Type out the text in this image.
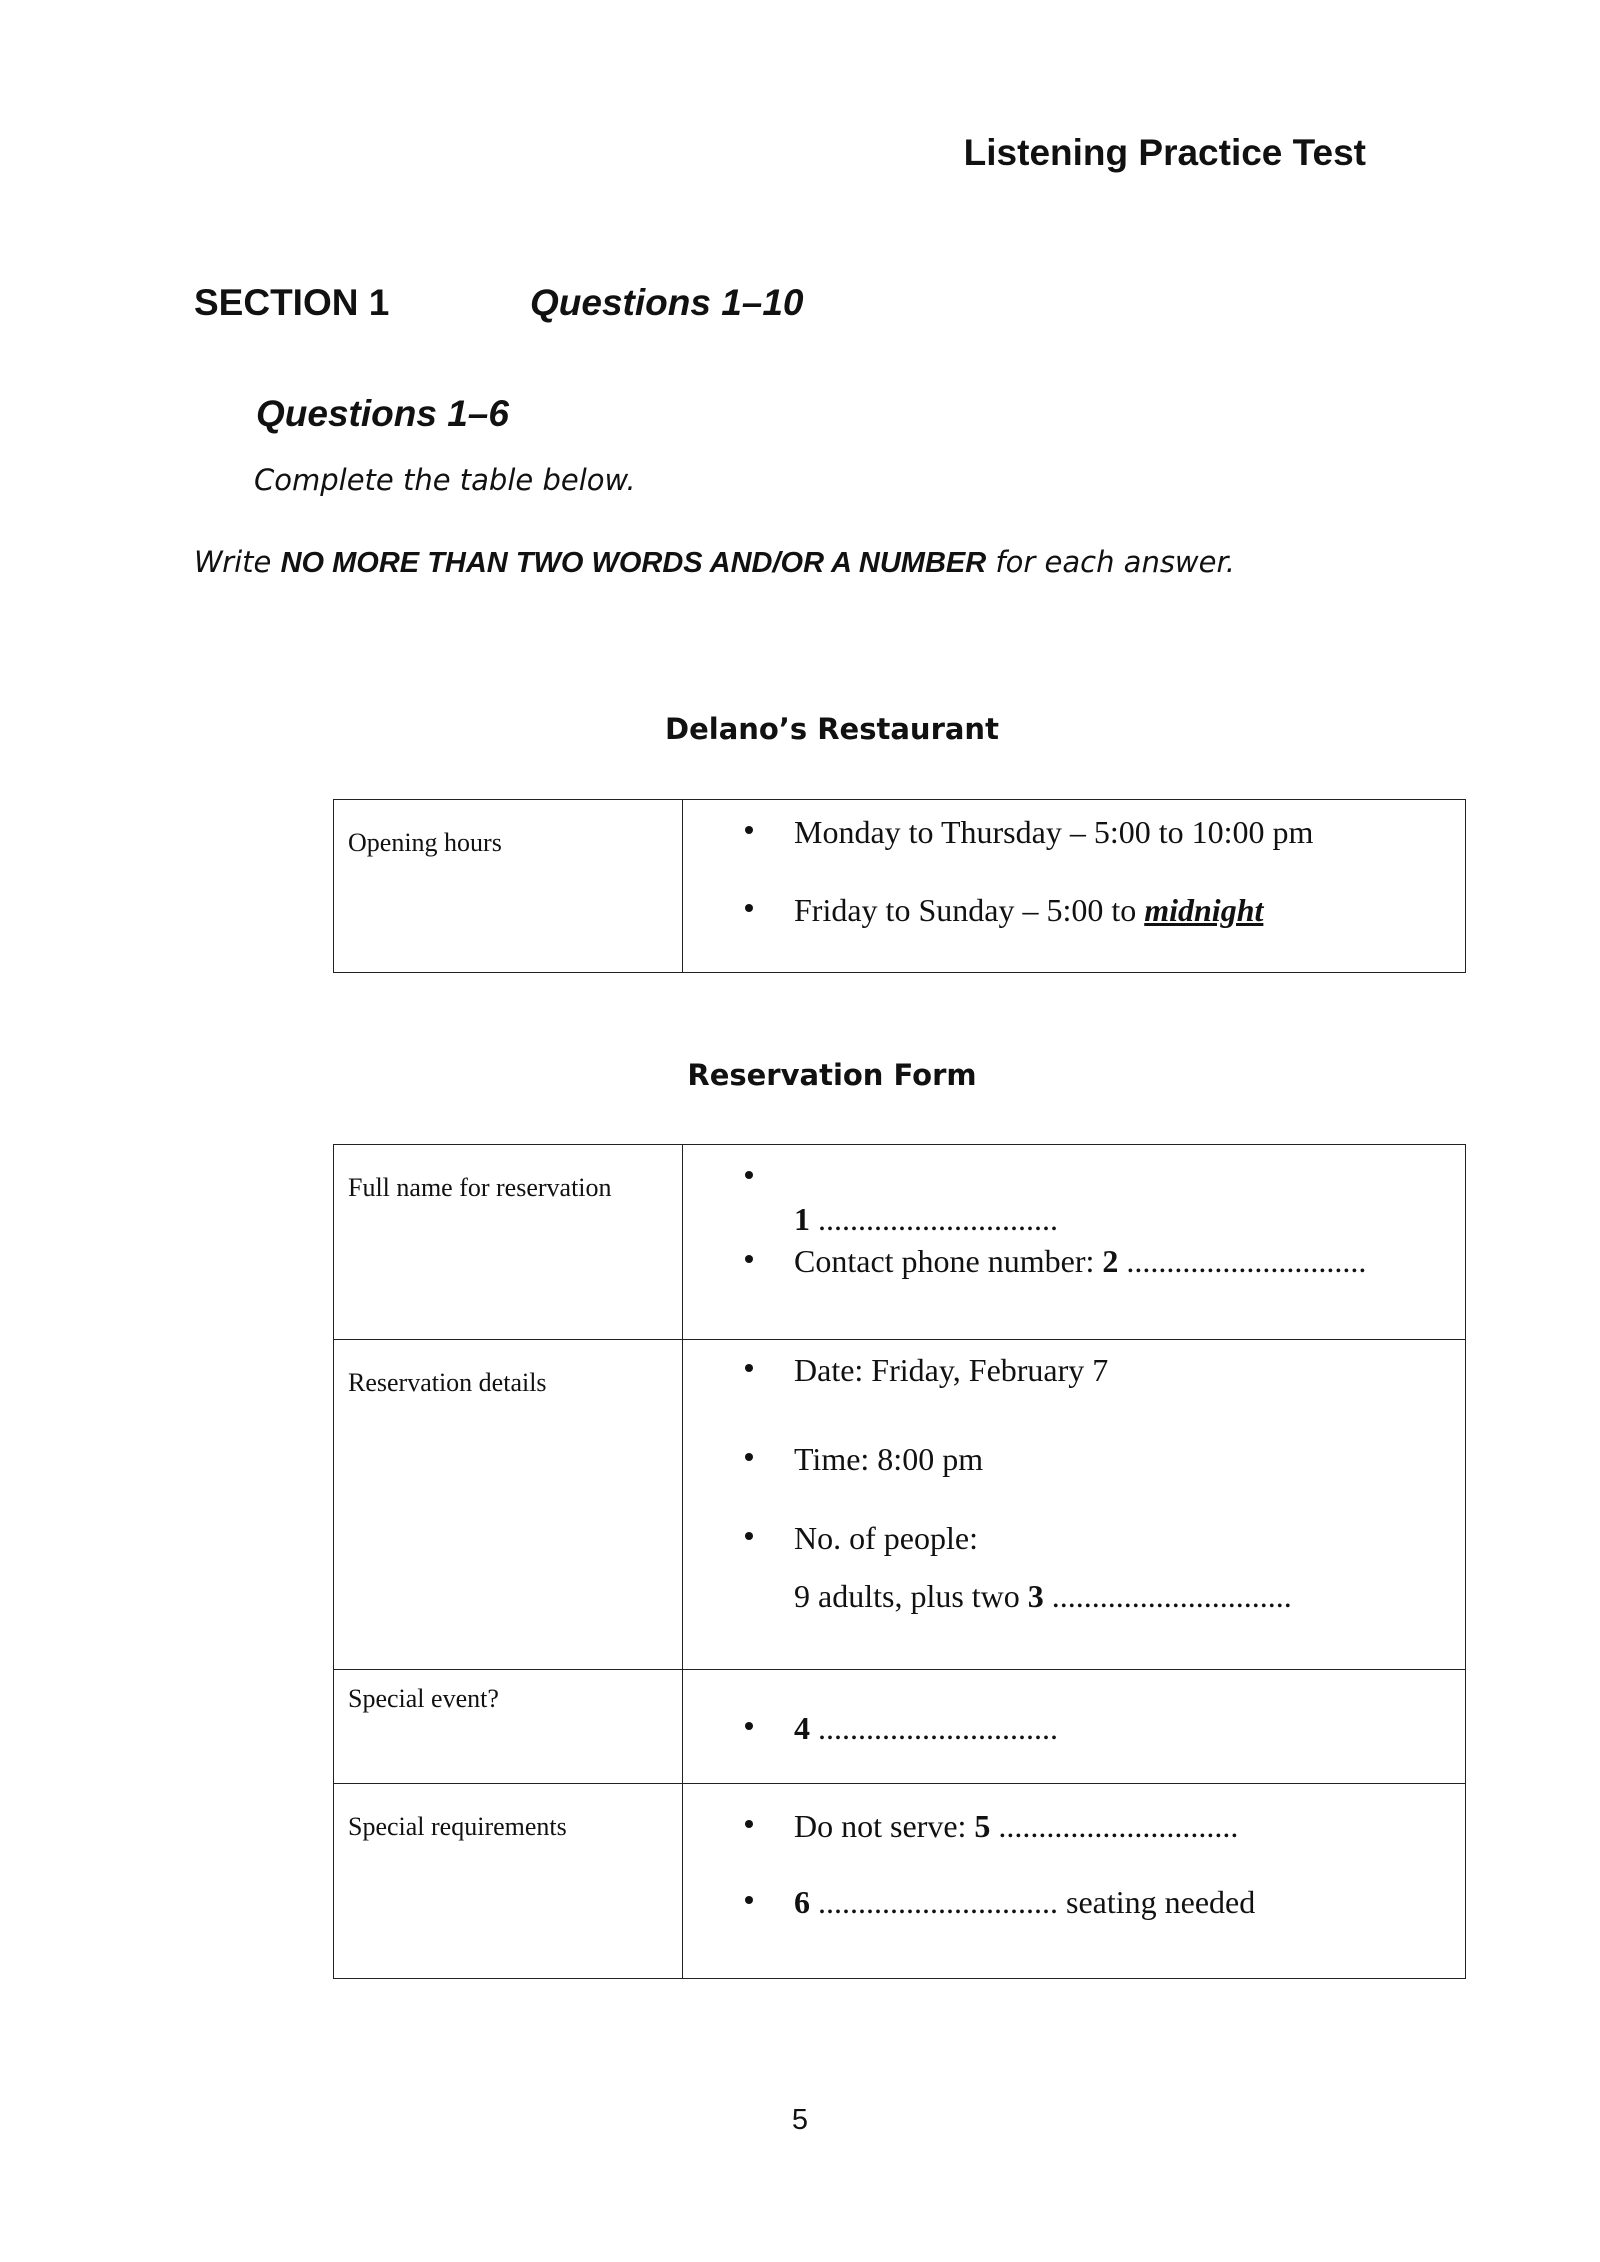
Listening Practice Test
SECTION 1	Questions 1–10
Questions 1–6
Complete the table below.
Write NO MORE THAN TWO WORDS AND/OR A NUMBER for each answer.
Delano’s Restaurant
Opening hours	Monday to Thursday – 5:00 to 10:00 pm
Friday to Sunday – 5:00 to midnight
Reservation Form
Full name for reservation	1 ..............................
Contact phone number: 2 ..............................

Reservation details	Date: Friday, February 7
Time: 8:00 pm
No. of people:
9 adults, plus two 3 ..............................

Special event?	4 ..............................

Special requirements	Do not serve: 5 ..............................
6 .............................. seating needed
5
